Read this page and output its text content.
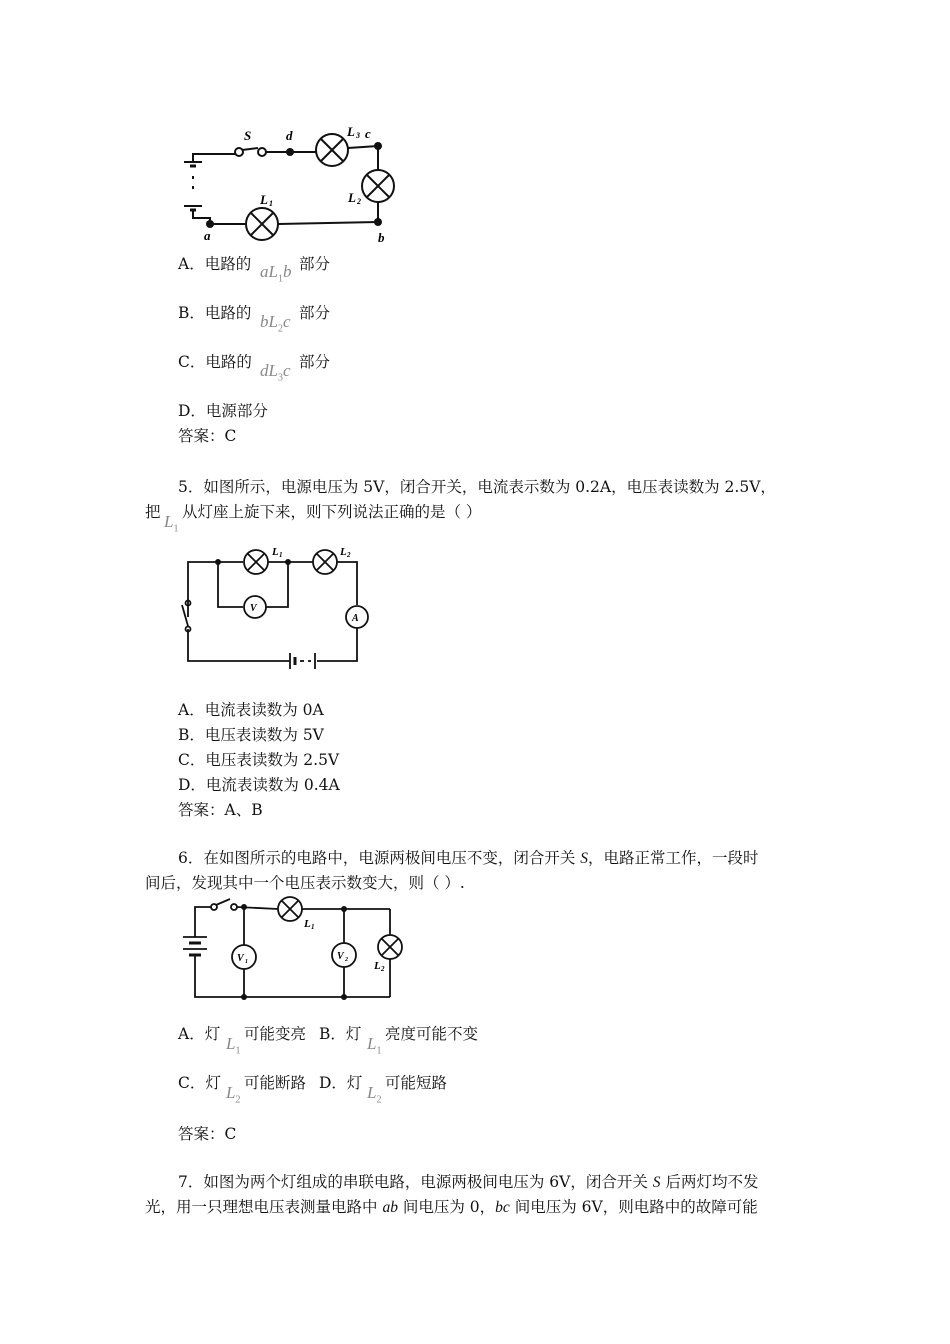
S	d	L 3 c
L 2
L 1
a	b
A．电路的 $aL_1b$ 部分
B．电路的 $bL_2c$ 部分
C．电路的 $dL_3c$ 部分
D．电源部分
答案：C
5．如图所示，电源电压为 5V，闭合开关，电流表示数为 0.2A，电压表读数为 2.5V，
把 $L_1$
从灯座上旋下来，则下列说法正确的是（ ）
L 1	L 2
V
A
A．电流表读数为 0A
B．电压表读数为 5V
C．电压表读数为 2.5V
D．电流表读数为 0.4A
答案：A、B
6．在如图所示的电路中，电源两极间电压不变，闭合开关 S，电路正常工作，一段时
间后，发现其中一个电压表示数变大，则（ ）.
L 1
L 2
V 1	V 2
A．灯 $L_1$
可能变亮 B．灯 $L_1$
亮度可能不变
C．灯 $L_2$
可能断路 D．灯 $L_2$
可能短路
答案：C
7．如图为两个灯组成的串联电路，电源两极间电压为 6V，闭合开关 S 后两灯均不发
光，用一只理想电压表测量电路中 ab 间电压为 0，bc 间电压为 6V，则电路中的故障可能
